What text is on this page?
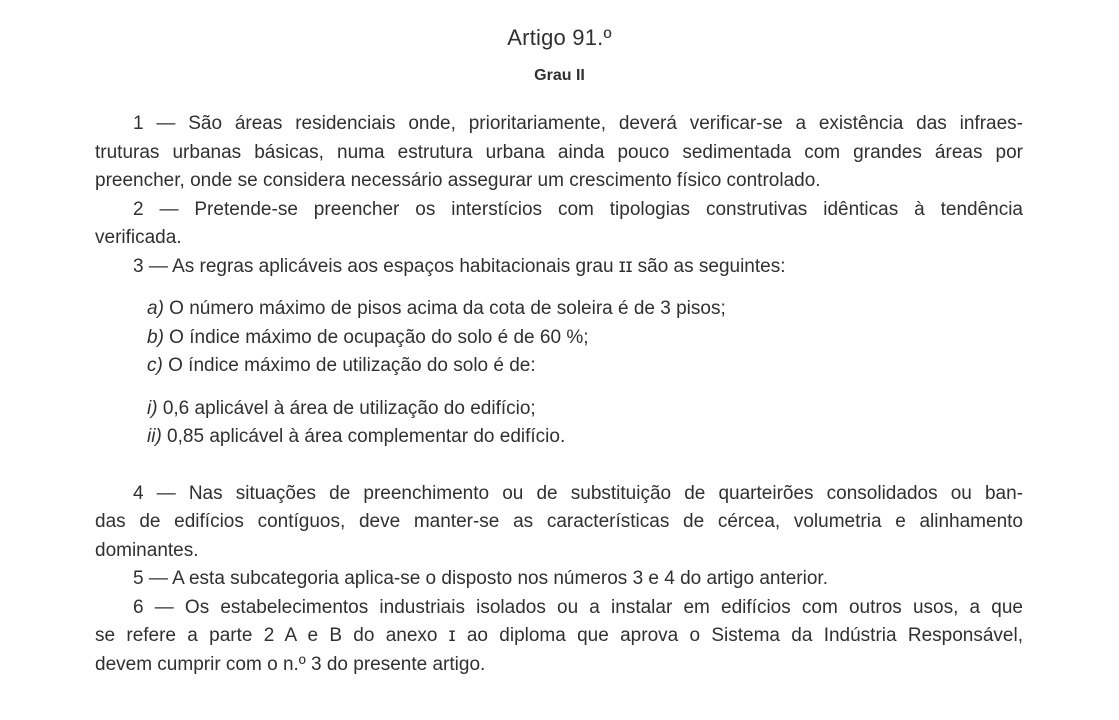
Artigo 91.º
Grau II
1 — São áreas residenciais onde, prioritariamente, deverá verificar-se a existência das infraes-
truturas urbanas básicas, numa estrutura urbana ainda pouco sedimentada com grandes áreas por
preencher, onde se considera necessário assegurar um crescimento físico controlado.
2 — Pretende-se preencher os interstícios com tipologias construtivas idênticas à tendência
verificada.
3 — As regras aplicáveis aos espaços habitacionais grau ɪɪ são as seguintes:
a) O número máximo de pisos acima da cota de soleira é de 3 pisos;
b) O índice máximo de ocupação do solo é de 60 %;
c) O índice máximo de utilização do solo é de:
i) 0,6 aplicável à área de utilização do edifício;
ii) 0,85 aplicável à área complementar do edifício.
4 — Nas situações de preenchimento ou de substituição de quarteirões consolidados ou ban-
das de edifícios contíguos, deve manter-se as características de cércea, volumetria e alinhamento
dominantes.
5 — A esta subcategoria aplica-se o disposto nos números 3 e 4 do artigo anterior.
6 — Os estabelecimentos industriais isolados ou a instalar em edifícios com outros usos, a que
se refere a parte 2 A e B do anexo ɪ ao diploma que aprova o Sistema da Indústria Responsável,
devem cumprir com o n.º 3 do presente artigo.
